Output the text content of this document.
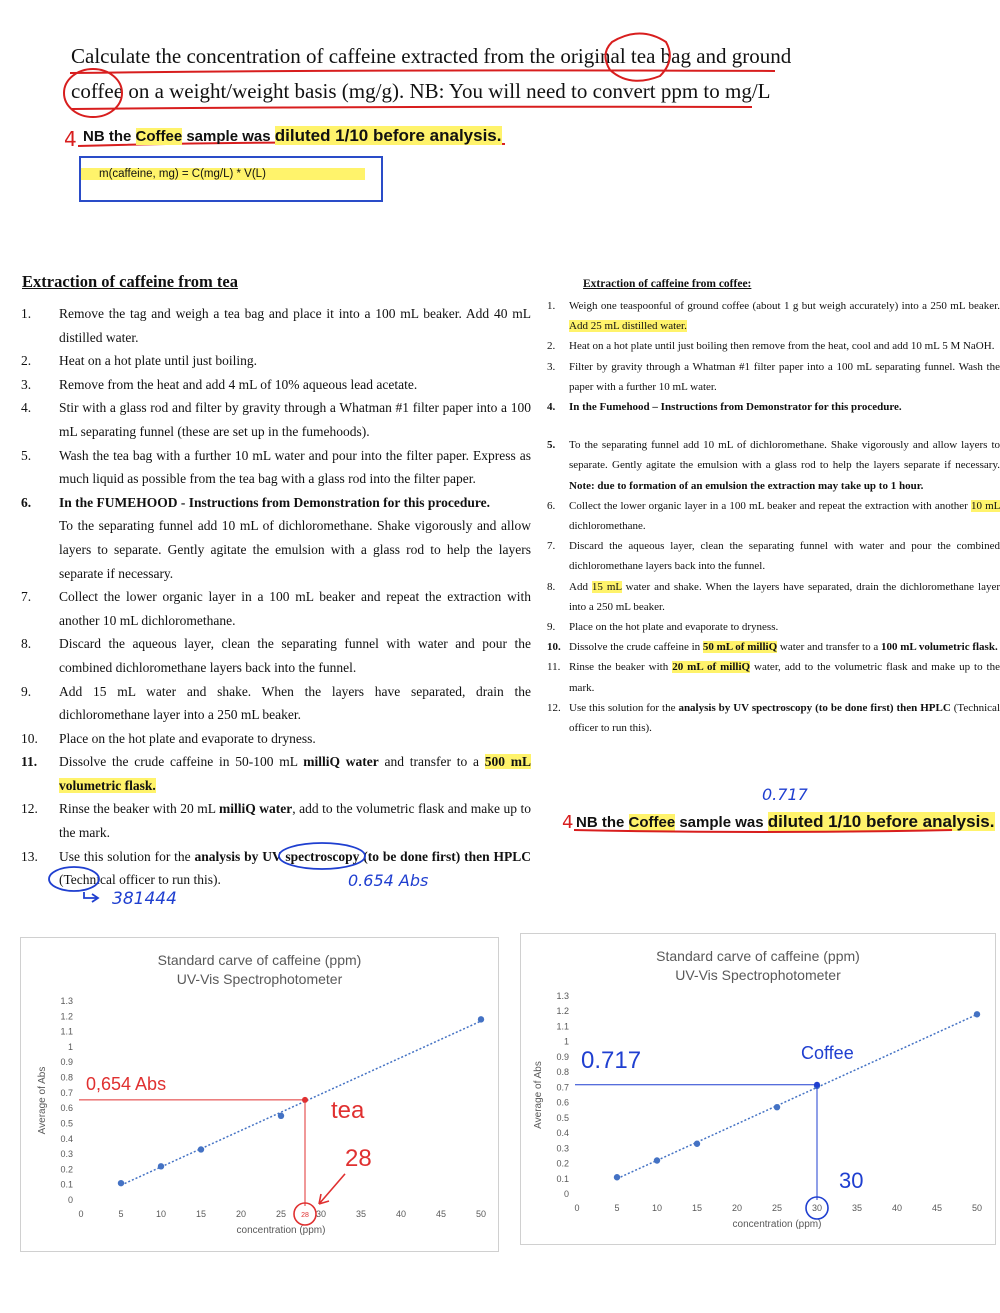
Calculate the concentration of caffeine extracted from the original tea bag and ground
coffee on a weight/weight basis (mg/g). NB: You will need to convert ppm to mg/L
4 NB the Coffee sample was diluted 1/10 before analysis.
m(caffeine, mg) = C(mg/L) * V(L)
Extraction of caffeine from tea
1.	Remove the tag and weigh a tea bag and place it into a 100 mL beaker. Add 40 mL distilled water.
2.	Heat on a hot plate until just boiling.
3.	Remove from the heat and add 4 mL of 10% aqueous lead acetate.
4.	Stir with a glass rod and filter by gravity through a Whatman #1 filter paper into a 100 mL separating funnel (these are set up in the fumehoods).
5.	Wash the tea bag with a further 10 mL water and pour into the filter paper. Express as much liquid as possible from the tea bag with a glass rod into the filter paper.
6.	In the FUMEHOOD - Instructions from Demonstration for this procedure.
To the separating funnel add 10 mL of dichloromethane. Shake vigorously and allow layers to separate. Gently agitate the emulsion with a glass rod to help the layers separate if necessary.
7.	Collect the lower organic layer in a 100 mL beaker and repeat the extraction with another 10 mL dichloromethane.
8.	Discard the aqueous layer, clean the separating funnel with water and pour the combined dichloromethane layers back into the funnel.
9.	Add 15 mL water and shake. When the layers have separated, drain the dichloromethane layer into a 250 mL beaker.
10.	Place on the hot plate and evaporate to dryness.
11.	Dissolve the crude caffeine in 50-100 mL milliQ water and transfer to a 500 mL volumetric flask.
12.	Rinse the beaker with 20 mL milliQ water, add to the volumetric flask and make up to the mark.
13.	Use this solution for the analysis by UV spectroscopy (to be done first) then HPLC (Technical officer to run this).	0.654 Abs
381444
Extraction of caffeine from coffee:
1.	Weigh one teaspoonful of ground coffee (about 1 g but weigh accurately) into a 250 mL beaker. Add 25 mL distilled water.
2.	Heat on a hot plate until just boiling then remove from the heat, cool and add 10 mL 5 M NaOH.
3.	Filter by gravity through a Whatman #1 filter paper into a 100 mL separating funnel. Wash the paper with a further 10 mL water.
4.	In the Fumehood – Instructions from Demonstrator for this procedure.
5.	To the separating funnel add 10 mL of dichloromethane. Shake vigorously and allow layers to separate. Gently agitate the emulsion with a glass rod to help the layers separate if necessary. Note: due to formation of an emulsion the extraction may take up to 1 hour.
6.	Collect the lower organic layer in a 100 mL beaker and repeat the extraction with another 10 mL dichloromethane.
7.	Discard the aqueous layer, clean the separating funnel with water and pour the combined dichloromethane layers back into the funnel.
8.	Add 15 mL water and shake. When the layers have separated, drain the dichloromethane layer into a 250 mL beaker.
9.	Place on the hot plate and evaporate to dryness.
10. Dissolve the crude caffeine in 50 mL of milliQ water and transfer to a 100 mL volumetric flask.
11. Rinse the beaker with 20 mL of milliQ water, add to the volumetric flask and make up to the mark.
12. Use this solution for the analysis by UV spectroscopy (to be done first) then HPLC (Technical officer to run this).
0.717
NB the Coffee sample was diluted 1/10 before analysis.
4
Standard carve of caffeine (ppm)
UV-Vis Spectrophotometer
0
0.1
0.2
0.3
0.4
0.5
0.6
0.7
0.8
0.9
1
1.1
1.2
1.3
0	5	10	15	20	25	30	35	40	45	50
concentration (ppm)
Average of Abs
28
0,654 Abs
tea
28
Standard carve of caffeine (ppm)
UV-Vis Spectrophotometer
0
0.1
0.2
0.3
0.4
0.5
0.6
0.7
0.8
0.9
1
1.1
1.2
1.3
0	5	10	15	20	25	30	35	40	45	50
concentration (ppm)
Average of Abs
0.717	Coffee
30
